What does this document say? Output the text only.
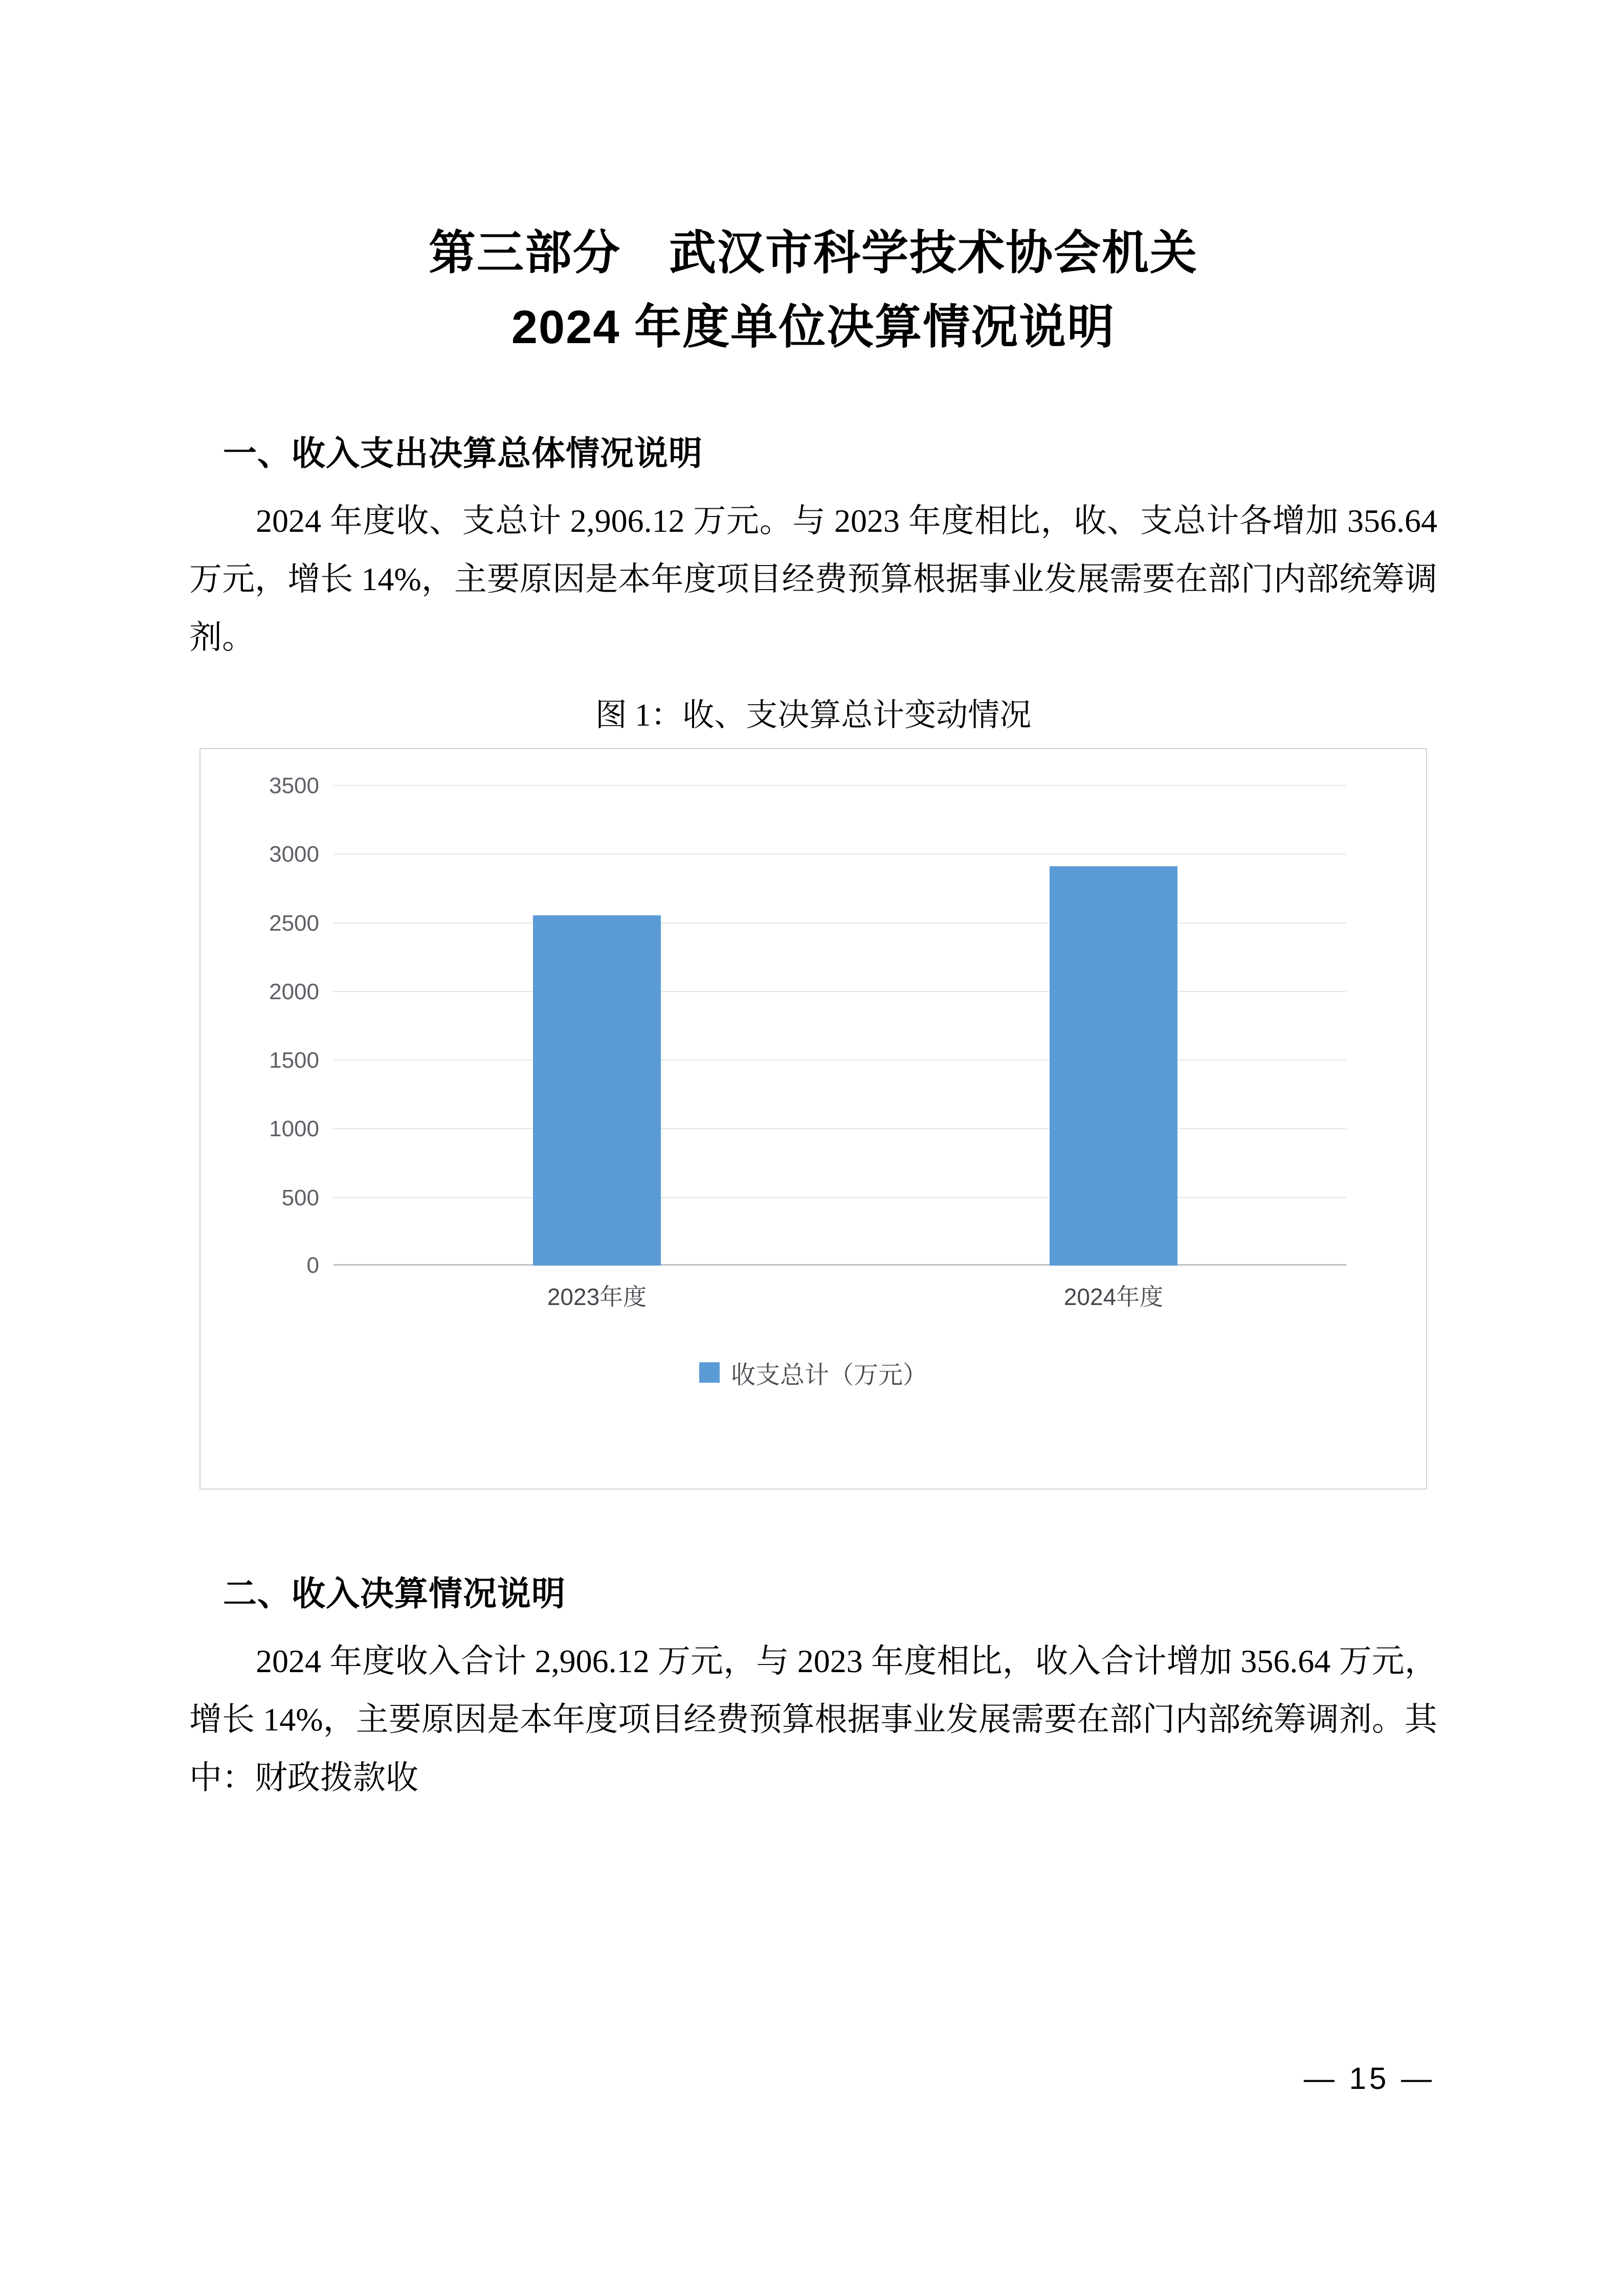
第三部分　武汉市科学技术协会机关
2024 年度单位决算情况说明
一、收入支出决算总体情况说明

2024 年度收、支总计 2,906.12 万元。与 2023 年度相比，收、支总计各增加 356.64 万元，增长 14%，主要原因是本年度项目经费预算根据事业发展需要在部门内部统筹调剂。

图 1：收、支决算总计变动情况
3500
3000
2500
2000
1500
1000
500
0
2023年度	2024年度
收支总计（万元）
二、收入决算情况说明

2024 年度收入合计 2,906.12 万元，与 2023 年度相比，收入合计增加 356.64 万元，增长 14%，主要原因是本年度项目经费预算根据事业发展需要在部门内部统筹调剂。其中：财政拨款收

— 15 —
